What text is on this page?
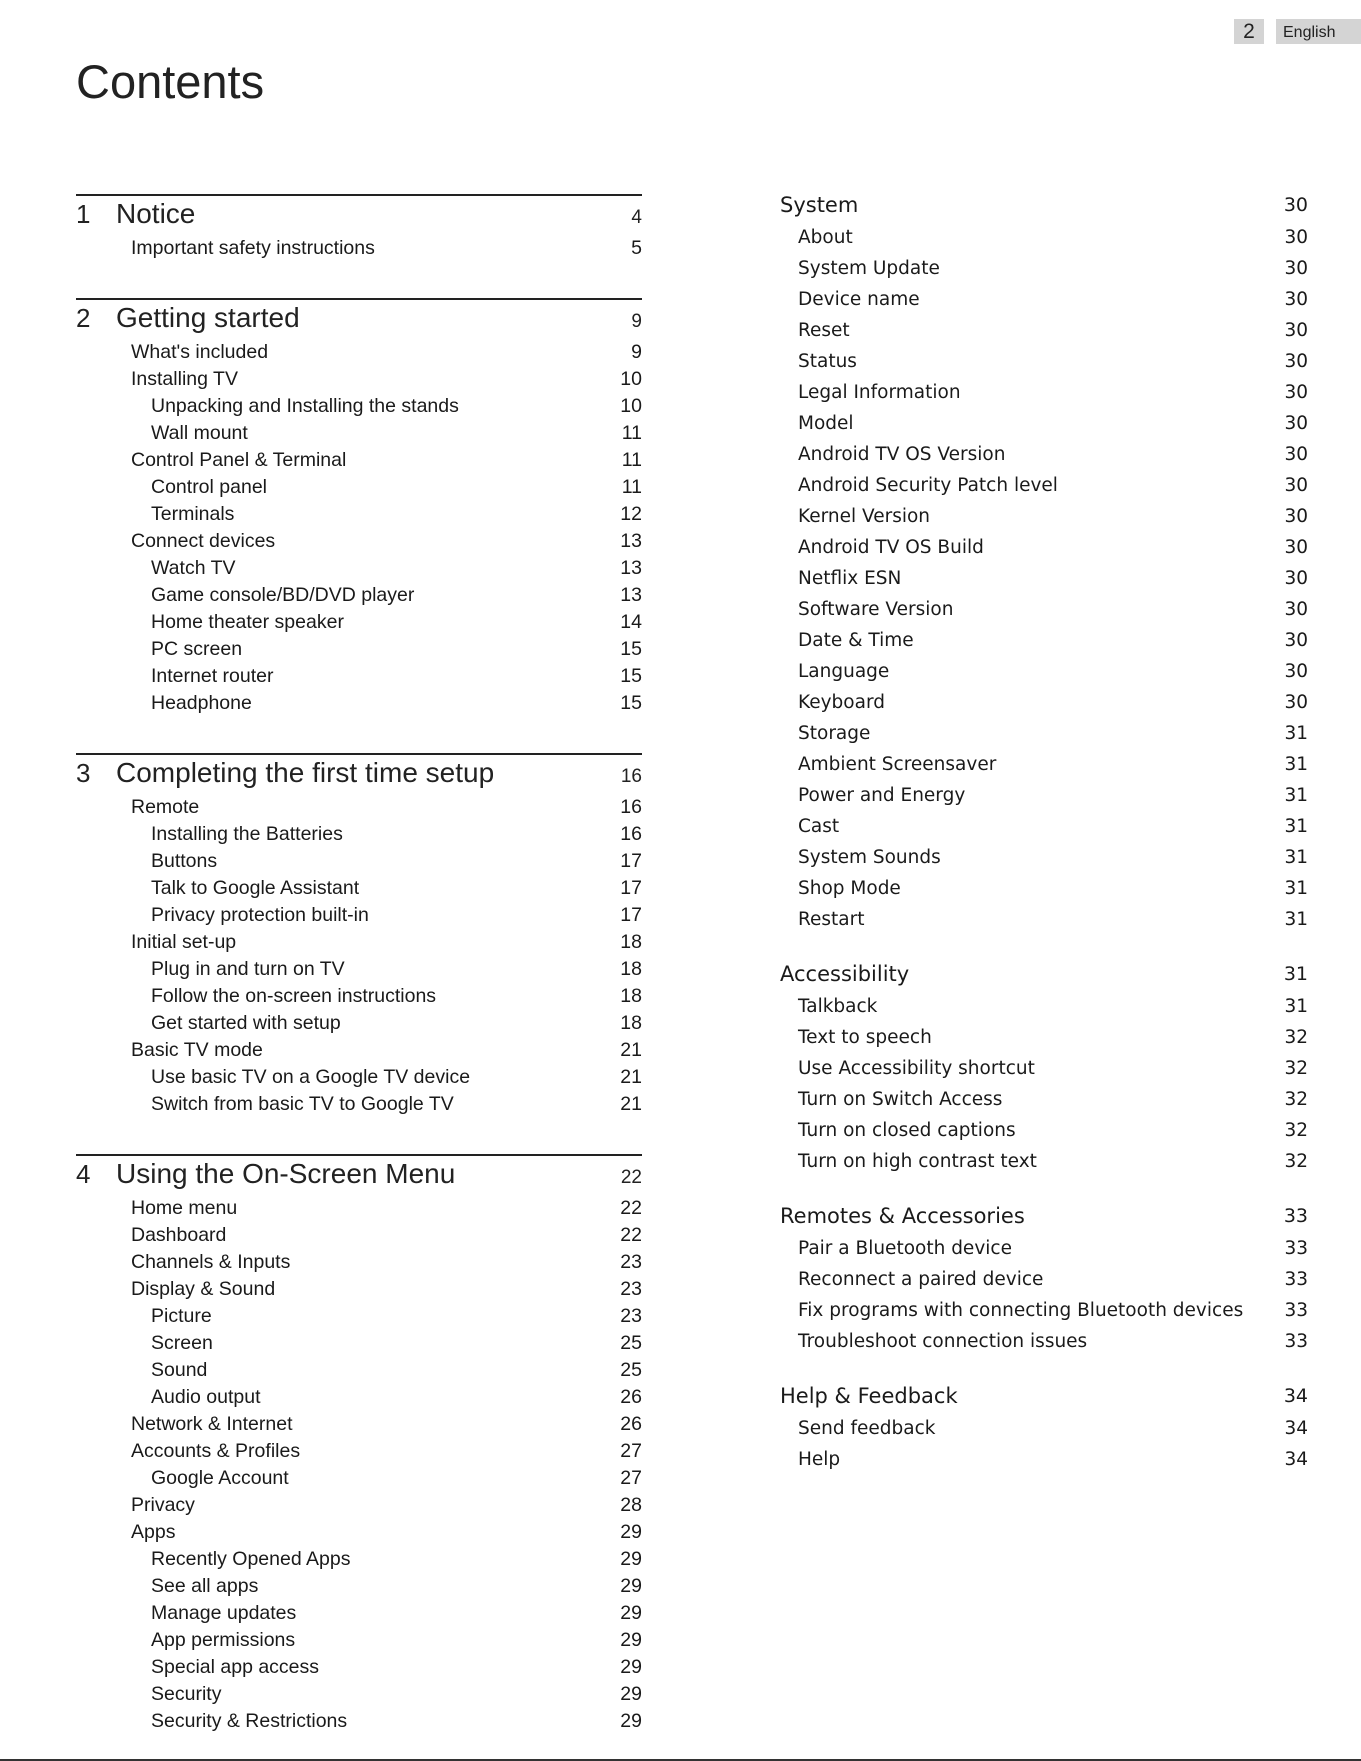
2	English
Contents
1 Notice	4
Important safety instructions	5
2 Getting started	9
What's included	9
Installing TV	10
Unpacking and Installing the stands	10
Wall mount	11
Control Panel & Terminal	11
Control panel	11
Terminals	12
Connect devices	13
Watch TV	13
Game console/BD/DVD player	13
Home theater speaker	14
PC screen	15
Internet router	15
Headphone	15
3 Completing the first time setup	16
Remote	16
Installing the Batteries	16
Buttons	17
Talk to Google Assistant	17
Privacy protection built-in	17
Initial set-up	18
Plug in and turn on TV	18
Follow the on-screen instructions	18
Get started with setup	18
Basic TV mode	21
Use basic TV on a Google TV device	21
Switch from basic TV to Google TV	21
4 Using the On-Screen Menu	22
Home menu	22
Dashboard	22
Channels & Inputs	23
Display & Sound	23
Picture	23
Screen	25
Sound	25
Audio output	26
Network & Internet	26
Accounts & Profiles	27
Google Account	27
Privacy	28
Apps	29
Recently Opened Apps	29
See all apps	29
Manage updates	29
App permissions	29
Special app access	29
Security	29
Security & Restrictions	29
System	30
About	30
System Update	30
Device name	30
Reset	30
Status	30
Legal Information	30
Model	30
Android TV OS Version	30
Android Security Patch level	30
Kernel Version	30
Android TV OS Build	30
Netflix ESN	30
Software Version	30
Date & Time	30
Language	30
Keyboard	30
Storage	31
Ambient Screensaver	31
Power and Energy	31
Cast	31
System Sounds	31
Shop Mode	31
Restart	31
Accessibility	31
Talkback	31
Text to speech	32
Use Accessibility shortcut	32
Turn on Switch Access	32
Turn on closed captions	32
Turn on high contrast text	32
Remotes & Accessories	33
Pair a Bluetooth device	33
Reconnect a paired device	33
Fix programs with connecting Bluetooth devices	33
Troubleshoot connection issues	33
Help & Feedback	34
Send feedback	34
Help	34
